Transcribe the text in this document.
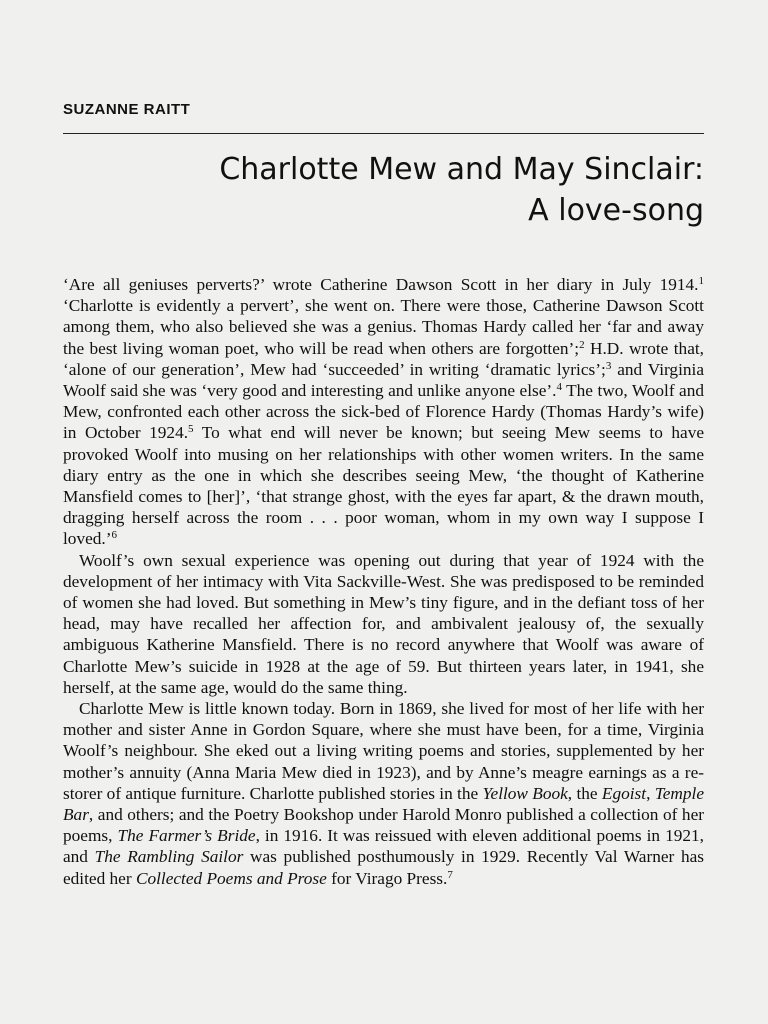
SUZANNE RAITT
Charlotte Mew and May Sinclair:
A love-song

‘Are all geniuses perverts?’ wrote Catherine Dawson Scott in her diary in July 1914.$^1$ ‘Charlotte is evidently a pervert’, she went on. There were those, Catherine Dawson Scott among them, who also believed she was a genius. Thomas Hardy called her ‘far and away the best living woman poet, who will be read when others are forgotten’;$^2$ H.D. wrote that, ‘alone of our generation’, Mew had ‘succeeded’ in writing ‘dramatic lyrics’;$^3$ and Virginia Woolf said she was ‘very good and interesting and unlike anyone else’.$^4$ The two, Woolf and Mew, confronted each other across the sick-bed of Florence Hardy (Thomas Hardy’s wife) in October 1924.$^5$ To what end will never be known; but seeing Mew seems to have provoked Woolf into musing on her relationships with other women writers. In the same diary entry as the one in which she describes seeing Mew, ‘the thought of Katherine Mansfield comes to [her]’, ‘that strange ghost, with the eyes far apart, & the drawn mouth, dragging herself across the room . . . poor woman, whom in my own way I suppose I loved.’$^6$

Woolf’s own sexual experience was opening out during that year of 1924 with the development of her intimacy with Vita Sackville-West. She was predisposed to be reminded of women she had loved. But something in Mew’s tiny figure, and in the defiant toss of her head, may have recalled her affection for, and ambivalent jealousy of, the sexually ambiguous Katherine Mansfield. There is no record anywhere that Woolf was aware of Charlotte Mew’s suicide in 1928 at the age of 59. But thirteen years later, in 1941, she herself, at the same age, would do the same thing.

Charlotte Mew is little known today. Born in 1869, she lived for most of her life with her mother and sister Anne in Gordon Square, where she must have been, for a time, Virginia Woolf’s neighbour. She eked out a living writing poems and stories, supplemented by her mother’s annuity (Anna Maria Mew died in 1923), and by Anne’s meagre earnings as a re-storer of antique furniture. Charlotte published stories in the Yellow Book, the Egoist, Temple Bar, and others; and the Poetry Bookshop under Harold Monro published a collection of her poems, The Farmer’s Bride, in 1916. It was reissued with eleven additional poems in 1921, and The Rambling Sailor was published posthumously in 1929. Recently Val Warner has edited her Collected Poems and Prose for Virago Press.$^7$
